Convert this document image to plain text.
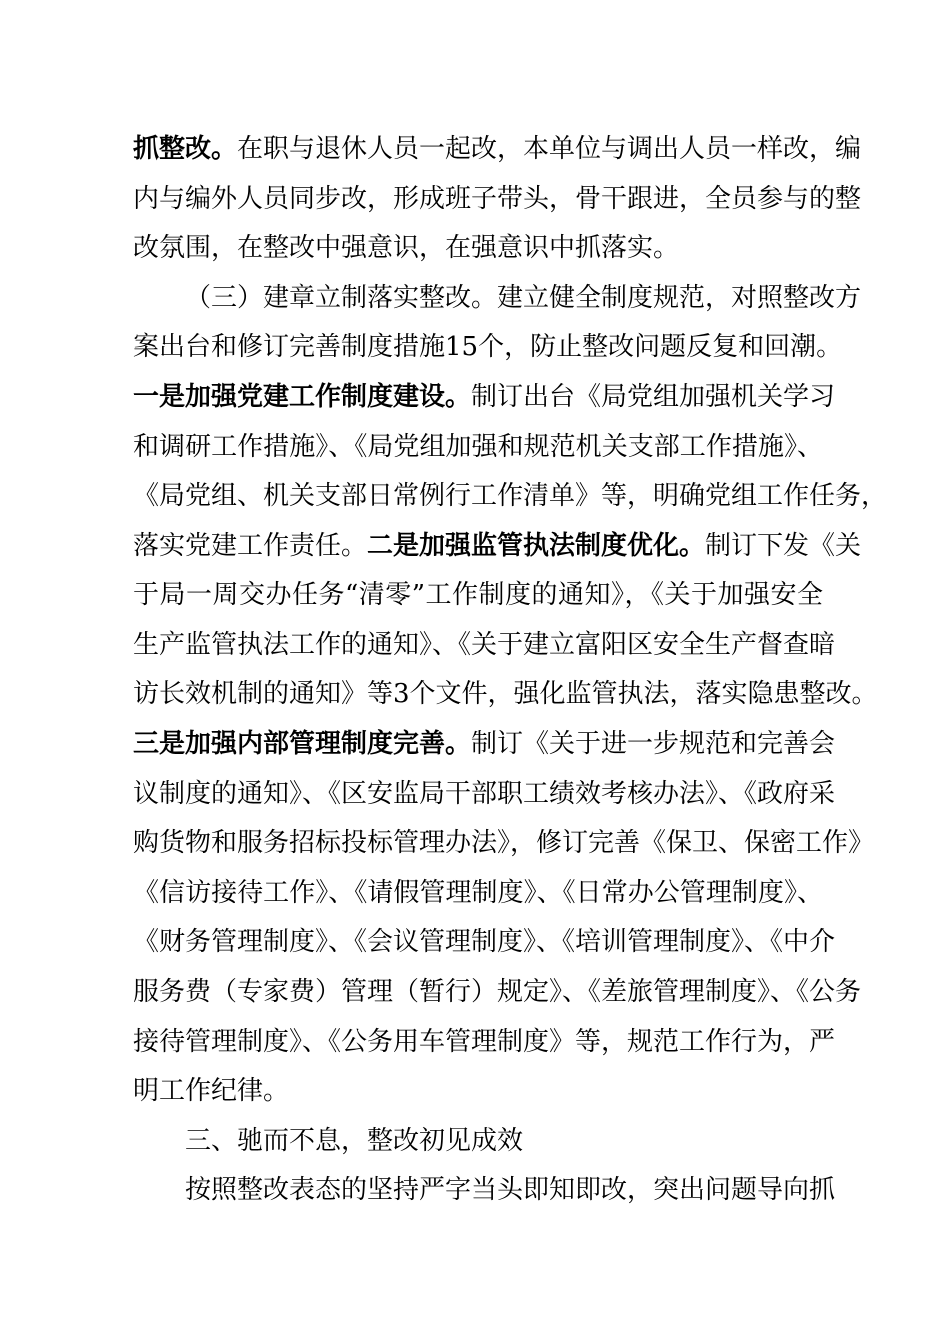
抓整改。在职与退休人员一起改，本单位与调出人员一样改，编
内与编外人员同步改，形成班子带头，骨干跟进，全员参与的整
改氛围，在整改中强意识，在强意识中抓落实。
（三）建章立制落实整改。建立健全制度规范，对照整改方
案出台和修订完善制度措施15个，防止整改问题反复和回潮。
一是加强党建工作制度建设。制订出台《局党组加强机关学习
和调研工作措施》、《局党组加强和规范机关支部工作措施》、
《局党组、机关支部日常例行工作清单》等，明确党组工作任务，
落实党建工作责任。二是加强监管执法制度优化。制订下发《关
于局一周交办任务“清零”工作制度的通知》，《关于加强安全
生产监管执法工作的通知》、《关于建立富阳区安全生产督查暗
访长效机制的通知》等3个文件，强化监管执法，落实隐患整改。
三是加强内部管理制度完善。制订《关于进一步规范和完善会
议制度的通知》、《区安监局干部职工绩效考核办法》、《政府采
购货物和服务招标投标管理办法》，修订完善《保卫、保密工作》
《信访接待工作》、《请假管理制度》、《日常办公管理制度》、
《财务管理制度》、《会议管理制度》、《培训管理制度》、《中介
服务费（专家费）管理（暂行）规定》、《差旅管理制度》、《公务
接待管理制度》、《公务用车管理制度》等，规范工作行为，严
明工作纪律。
三、驰而不息，整改初见成效
按照整改表态的坚持严字当头即知即改，突出问题导向抓
